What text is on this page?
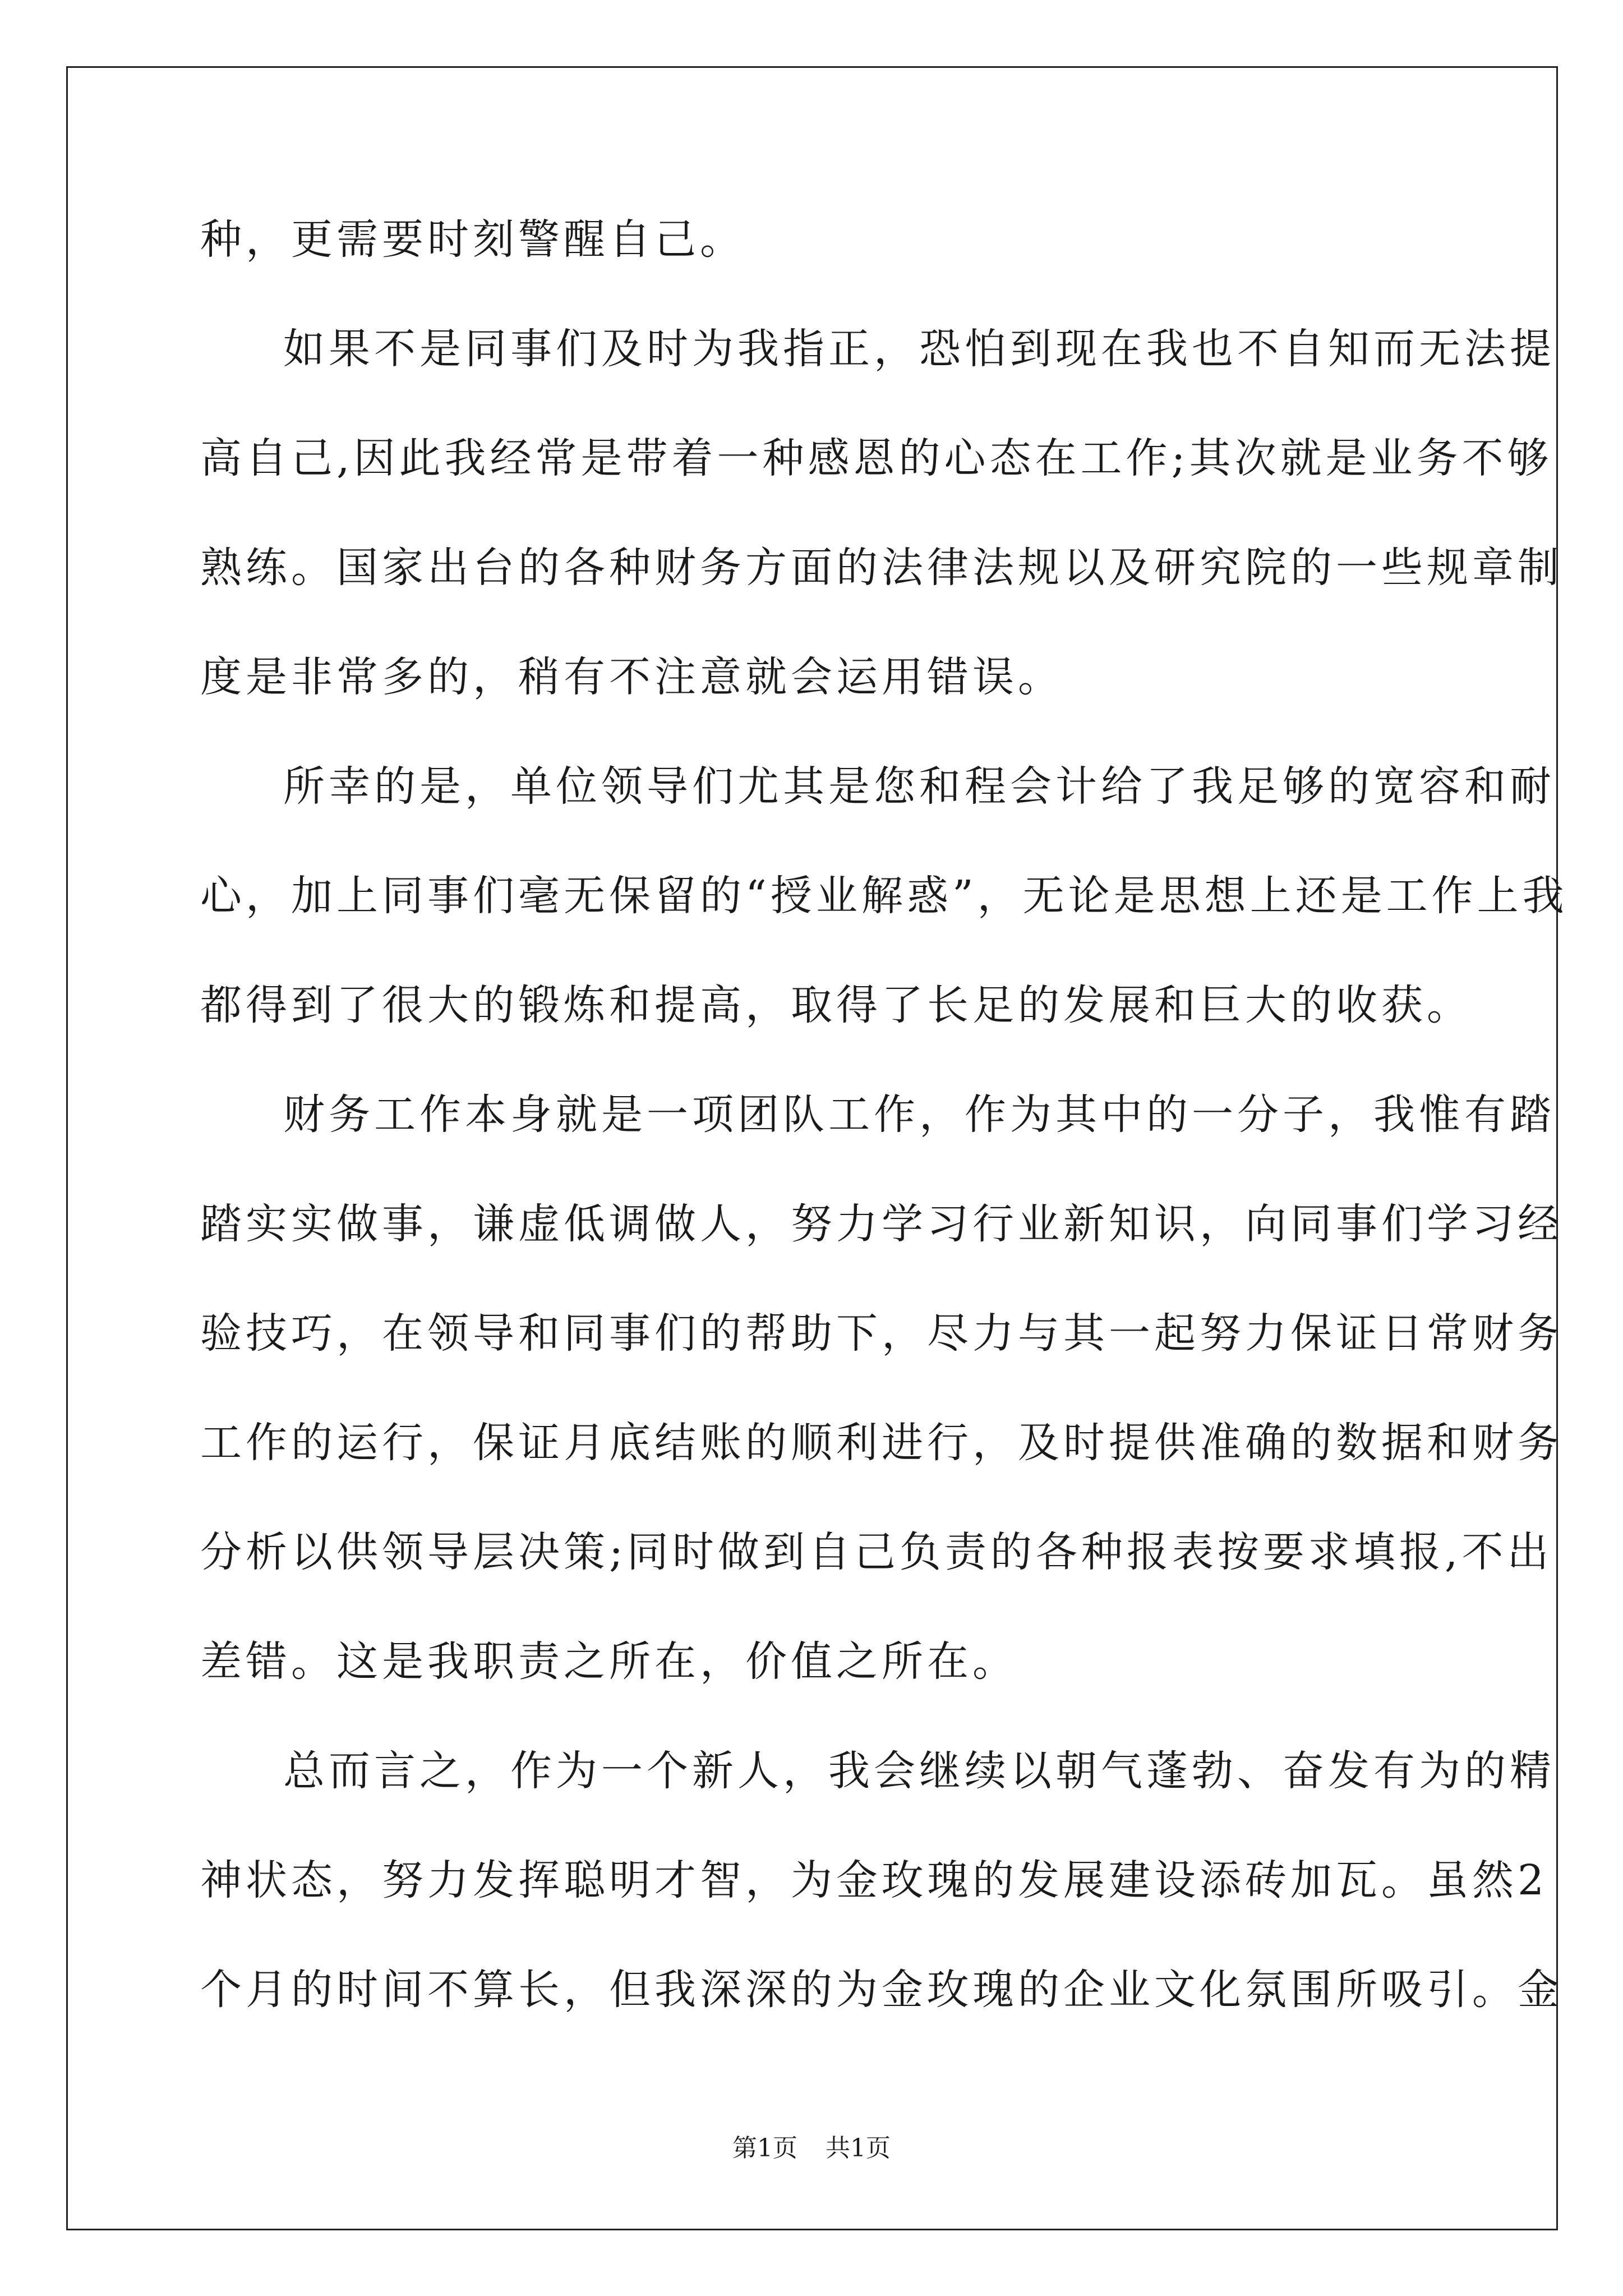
种，更需要时刻警醒自己。
如果不是同事们及时为我指正，恐怕到现在我也不自知而无法提
高自己,因此我经常是带着一种感恩的心态在工作;其次就是业务不够
熟练。国家出台的各种财务方面的法律法规以及研究院的一些规章制
度是非常多的，稍有不注意就会运用错误。
所幸的是，单位领导们尤其是您和程会计给了我足够的宽容和耐
心，加上同事们毫无保留的“授业解惑”，无论是思想上还是工作上我
都得到了很大的锻炼和提高，取得了长足的发展和巨大的收获。
财务工作本身就是一项团队工作，作为其中的一分子，我惟有踏
踏实实做事，谦虚低调做人，努力学习行业新知识，向同事们学习经
验技巧，在领导和同事们的帮助下，尽力与其一起努力保证日常财务
工作的运行，保证月底结账的顺利进行，及时提供准确的数据和财务
分析以供领导层决策;同时做到自己负责的各种报表按要求填报,不出
差错。这是我职责之所在，价值之所在。
总而言之，作为一个新人，我会继续以朝气蓬勃、奋发有为的精
神状态，努力发挥聪明才智，为金玫瑰的发展建设添砖加瓦。虽然2
个月的时间不算长，但我深深的为金玫瑰的企业文化氛围所吸引。金
第1页 共1页
